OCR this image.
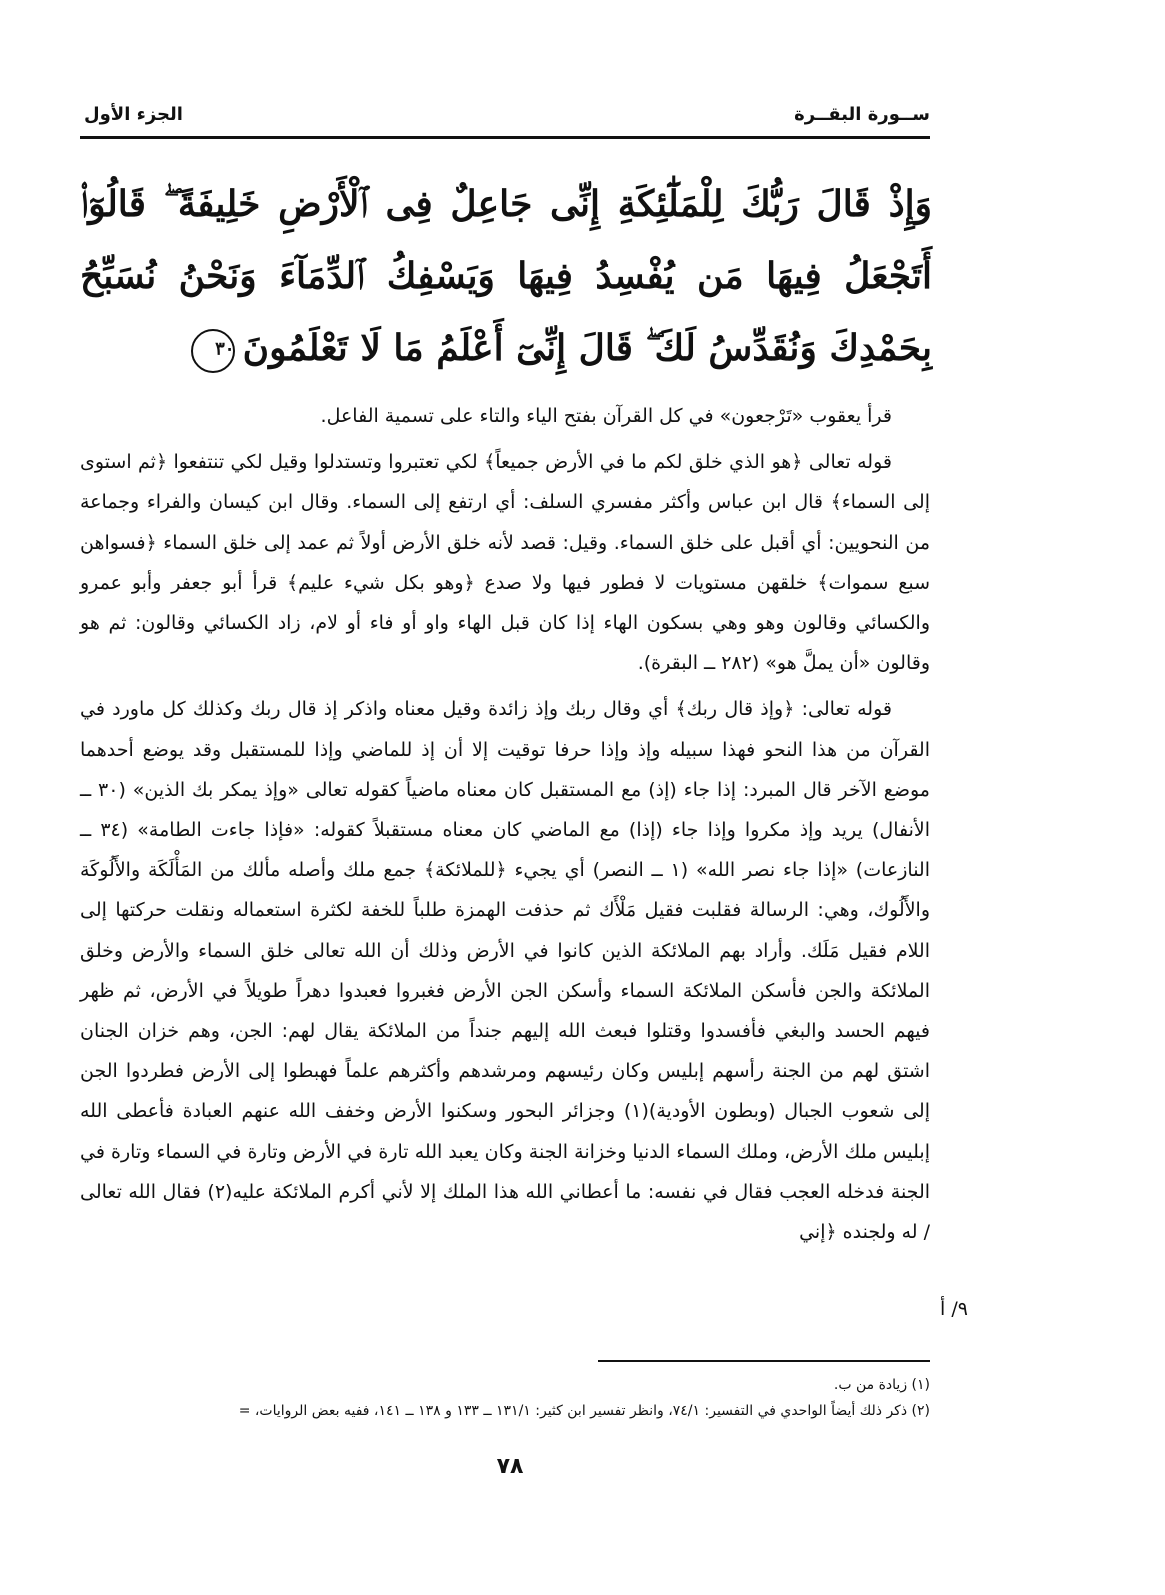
ســورة البقــرة
الجزء الأول
وَإِذْ قَالَ رَبُّكَ لِلْمَلَٰٓئِكَةِ إِنِّى جَاعِلٌ فِى ٱلْأَرْضِ خَلِيفَةً ۖ قَالُوٓا۟ أَتَجْعَلُ فِيهَا مَن يُفْسِدُ فِيهَا وَيَسْفِكُ ٱلدِّمَآءَ وَنَحْنُ نُسَبِّحُ بِحَمْدِكَ وَنُقَدِّسُ لَكَ ۖ قَالَ إِنِّىٓ أَعْلَمُ مَا لَا تَعْلَمُونَ
٣٠

قرأ يعقوب «تَرْجعون» في كل القرآن بفتح الياء والتاء على تسمية الفاعل.

قوله تعالى ﴿هو الذي خلق لكم ما في الأرض جميعاً﴾ لكي تعتبروا وتستدلوا وقيل لكي تنتفعوا ﴿ثم استوى إلى السماء﴾ قال ابن عباس وأكثر مفسري السلف: أي ارتفع إلى السماء. وقال ابن كيسان والفراء وجماعة من النحويين: أي أقبل على خلق السماء. وقيل: قصد لأنه خلق الأرض أولاً ثم عمد إلى خلق السماء ﴿فسواهن سبع سموات﴾ خلقهن مستويات لا فطور فيها ولا صدع ﴿وهو بكل شيء عليم﴾ قرأ أبو جعفر وأبو عمرو والكسائي وقالون وهو وهي بسكون الهاء إذا كان قبل الهاء واو أو فاء أو لام، زاد الكسائي وقالون: ثم هو وقالون «أن يملَّ هو» (٢٨٢ ــ البقرة).

قوله تعالى: ﴿وإذ قال ربك﴾ أي وقال ربك وإذ زائدة وقيل معناه واذكر إذ قال ربك وكذلك كل ماورد في القرآن من هذا النحو فهذا سبيله وإذ وإذا حرفا توقيت إلا أن إذ للماضي وإذا للمستقبل وقد يوضع أحدهما موضع الآخر قال المبرد: إذا جاء (إذ) مع المستقبل كان معناه ماضياً كقوله تعالى «وإذ يمكر بك الذين» (٣٠ ــ الأنفال) يريد وإذ مكروا وإذا جاء (إذا) مع الماضي كان معناه مستقبلاً كقوله: «فإذا جاءت الطامة» (٣٤ ــ النازعات) «إذا جاء نصر الله» (١ ــ النصر) أي يجيء ﴿للملائكة﴾ جمع ملك وأصله مألك من المَأْلَكَة والأَلُوكَة والأَلُوك، وهي: الرسالة فقلبت فقيل مَلْأَك ثم حذفت الهمزة طلباً للخفة لكثرة استعماله ونقلت حركتها إلى اللام فقيل مَلَك. وأراد بهم الملائكة الذين كانوا في الأرض وذلك أن الله تعالى خلق السماء والأرض وخلق الملائكة والجن فأسكن الملائكة السماء وأسكن الجن الأرض فغبروا فعبدوا دهراً طويلاً في الأرض، ثم ظهر فيهم الحسد والبغي فأفسدوا وقتلوا فبعث الله إليهم جنداً من الملائكة يقال لهم: الجن، وهم خزان الجنان اشتق لهم من الجنة رأسهم إبليس وكان رئيسهم ومرشدهم وأكثرهم علماً فهبطوا إلى الأرض فطردوا الجن إلى شعوب الجبال (وبطون الأودية)(١) وجزائر البحور وسكنوا الأرض وخفف الله عنهم العبادة فأعطى الله إبليس ملك الأرض، وملك السماء الدنيا وخزانة الجنة وكان يعبد الله تارة في الأرض وتارة في السماء وتارة في الجنة فدخله العجب فقال في نفسه: ما أعطاني الله هذا الملك إلا لأني أكرم الملائكة عليه(٢) فقال الله تعالى / له ولجنده ﴿إني

٩/ أ
(١) زيادة من ب.
(٢) ذكر ذلك أيضاً الواحدي في التفسير: ٧٤/١، وانظر تفسير ابن كثير: ١٣١/١ ــ ١٣٣ و ١٣٨ ــ ١٤١، ففيه بعض الروايات، =
٧٨
